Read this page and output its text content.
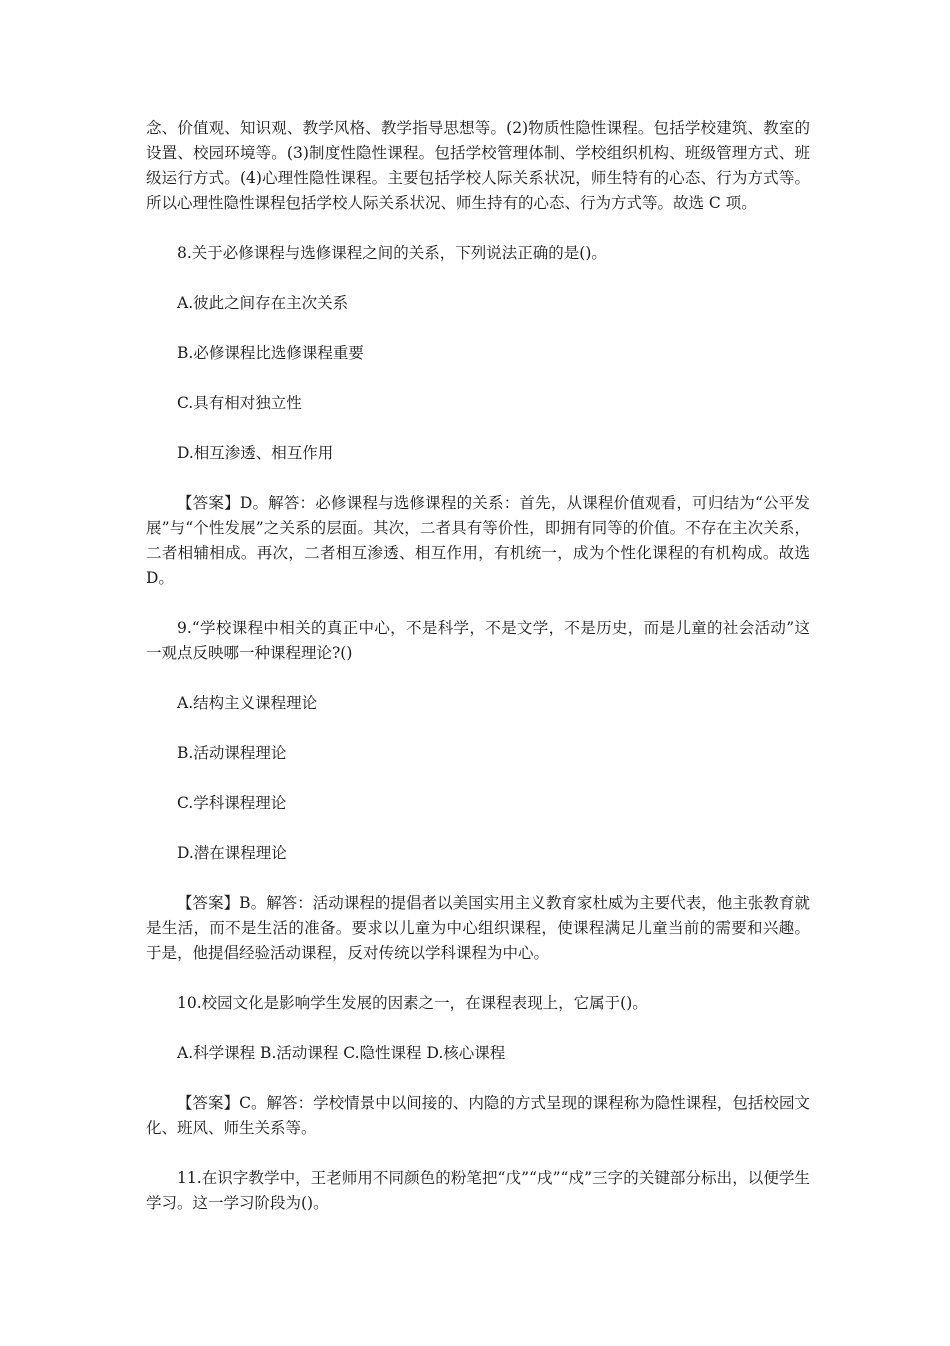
念、价值观、知识观、教学风格、教学指导思想等。(2)物质性隐性课程。包括学校建筑、教室的设置、校园环境等。(3)制度性隐性课程。包括学校管理体制、学校组织机构、班级管理方式、班级运行方式。(4)心理性隐性课程。主要包括学校人际关系状况，师生特有的心态、行为方式等。所以心理性隐性课程包括学校人际关系状况、师生持有的心态、行为方式等。故选 C 项。

8.关于必修课程与选修课程之间的关系，下列说法正确的是()。

A.彼此之间存在主次关系

B.必修课程比选修课程重要

C.具有相对独立性

D.相互渗透、相互作用

【答案】D。解答：必修课程与选修课程的关系：首先，从课程价值观看，可归结为“公平发展”与“个性发展”之关系的层面。其次，二者具有等价性，即拥有同等的价值。不存在主次关系，二者相辅相成。再次，二者相互渗透、相互作用，有机统一，成为个性化课程的有机构成。故选 D。

9.“学校课程中相关的真正中心，不是科学，不是文学，不是历史，而是儿童的社会活动”这一观点反映哪一种课程理论?()

A.结构主义课程理论

B.活动课程理论

C.学科课程理论

D.潜在课程理论

【答案】B。解答：活动课程的提倡者以美国实用主义教育家杜威为主要代表，他主张教育就是生活，而不是生活的准备。要求以儿童为中心组织课程，使课程满足儿童当前的需要和兴趣。于是，他提倡经验活动课程，反对传统以学科课程为中心。

10.校园文化是影响学生发展的因素之一，在课程表现上，它属于()。

A.科学课程 B.活动课程 C.隐性课程 D.核心课程

【答案】C。解答：学校情景中以间接的、内隐的方式呈现的课程称为隐性课程，包括校园文化、班风、师生关系等。

11.在识字教学中，王老师用不同颜色的粉笔把“戊”“戌”“戍”三字的关键部分标出，以便学生学习。这一学习阶段为()。
